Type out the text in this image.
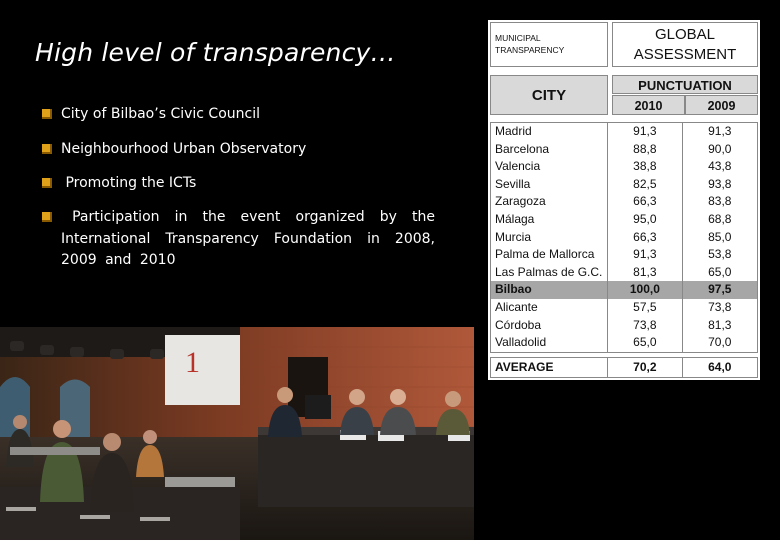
High level of transparency…
City of Bilbao’s Civic Council
Neighbourhood Urban Observatory
Promoting the ICTs
Participation in the event organized by the International Transparency Foundation in 2008, 2009 and 2010
MUNICIPAL TRANSPARENCY
GLOBAL ASSESSMENT
CITY
PUNCTUATION
2010	2009
Madrid	91,3	91,3
Barcelona	88,8	90,0
Valencia	38,8	43,8
Sevilla	82,5	93,8
Zaragoza	66,3	83,8
Málaga	95,0	68,8
Murcia	66,3	85,0
Palma de Mallorca	91,3	53,8
Las Palmas de G.C.	81,3	65,0
Bilbao	100,0	97,5
Alicante	57,5	73,8
Córdoba	73,8	81,3
Valladolid	65,0	70,0
AVERAGE	70,2	64,0
1
